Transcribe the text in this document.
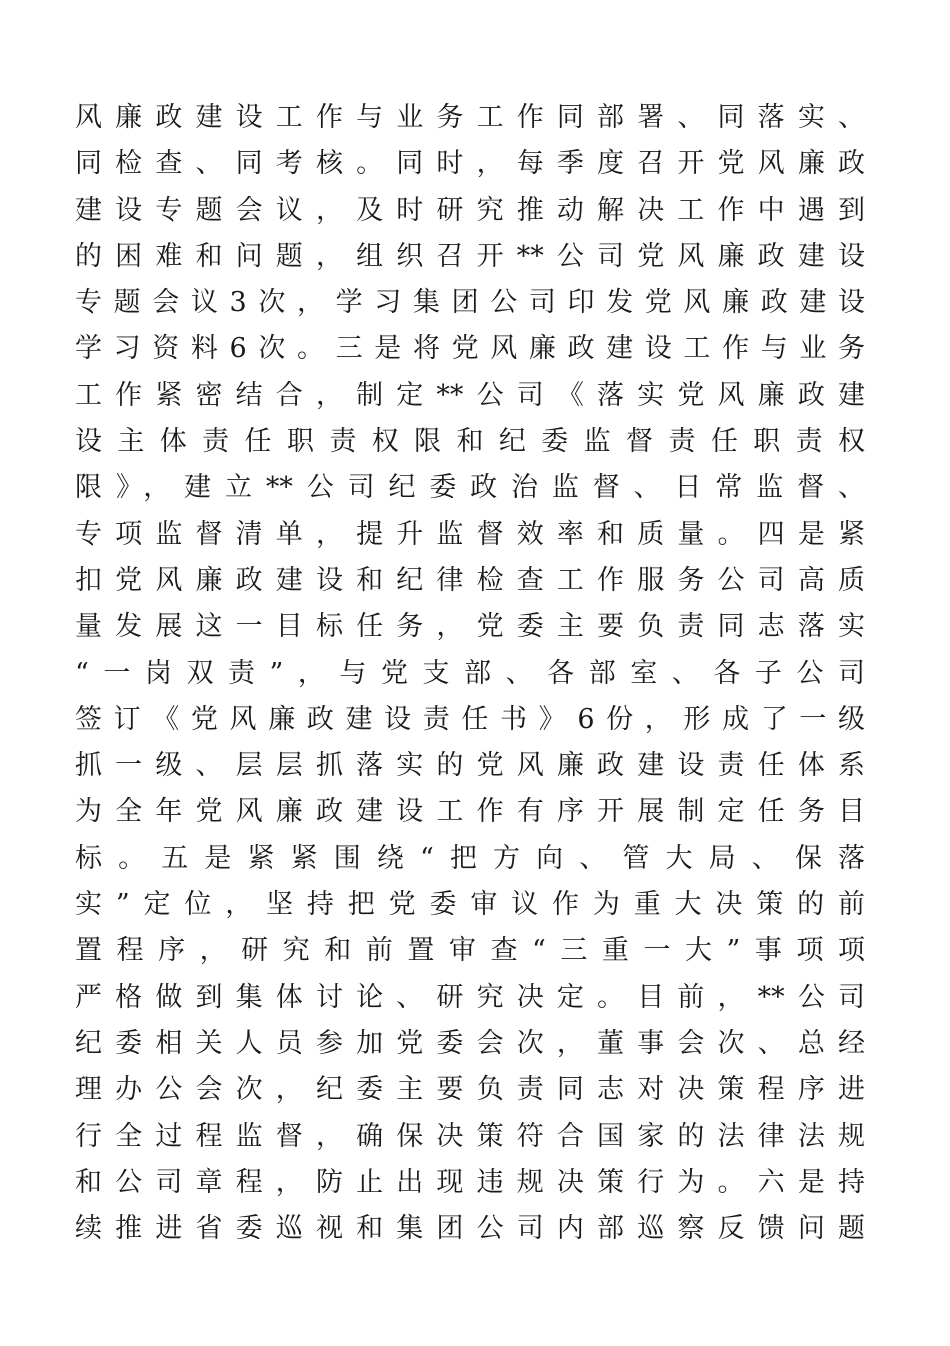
风廉政建设工作与业务工作同部署、同落实、
同检查、同考核。同时，每季度召开党风廉政
建设专题会议，及时研究推动解决工作中遇到
的困难和问题，组织召开**公司党风廉政建设
专题会议3次，学习集团公司印发党风廉政建设
学习资料6次。三是将党风廉政建设工作与业务
工作紧密结合，制定**公司《落实党风廉政建
设主体责任职责权限和纪委监督责任职责权
限》，建立**公司纪委政治监督、日常监督、
专项监督清单，提升监督效率和质量。四是紧
扣党风廉政建设和纪律检查工作服务公司高质
量发展这一目标任务，党委主要负责同志落实
“一岗双责”，与党支部、各部室、各子公司
签订《党风廉政建设责任书》6份，形成了一级
抓一级、层层抓落实的党风廉政建设责任体系
为全年党风廉政建设工作有序开展制定任务目
标。五是紧紧围绕“把方向、管大局、保落
实”定位，坚持把党委审议作为重大决策的前
置程序，研究和前置审查“三重一大”事项项
严格做到集体讨论、研究决定。目前，**公司
纪委相关人员参加党委会次，董事会次、总经
理办公会次，纪委主要负责同志对决策程序进
行全过程监督，确保决策符合国家的法律法规
和公司章程，防止出现违规决策行为。六是持
续推进省委巡视和集团公司内部巡察反馈问题
